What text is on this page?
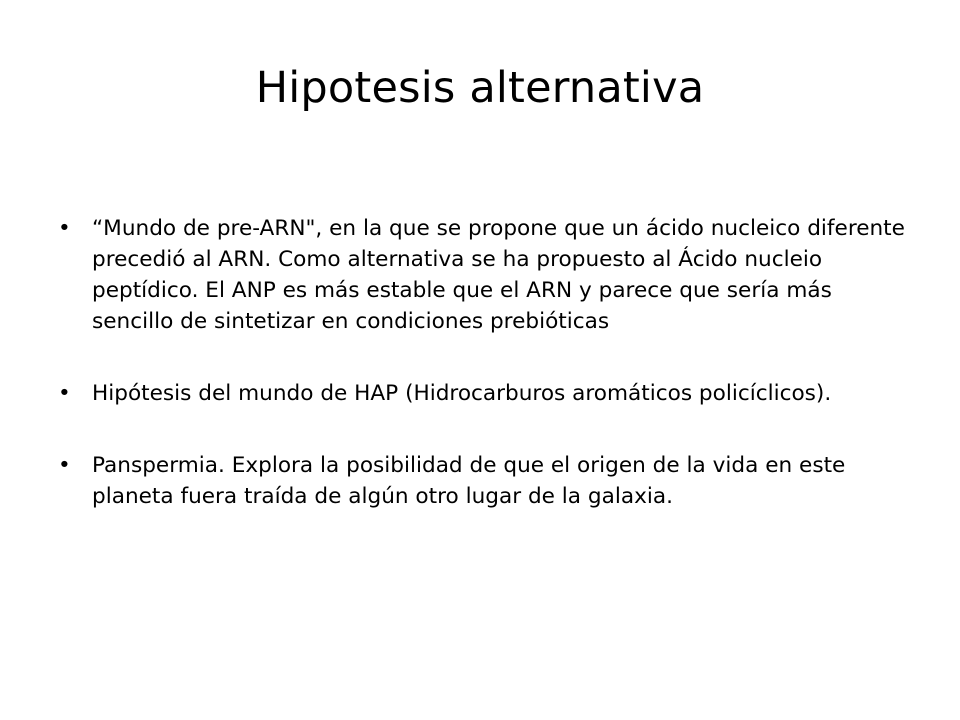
Hipotesis alternativa
• “Mundo de pre-ARN", en la que se propone que un ácido nucleico diferente precedió al ARN. Como alternativa se ha propuesto al Ácido nucleio peptídico. El ANP es más estable que el ARN y parece que sería más sencillo de sintetizar en condiciones prebióticas
• Hipótesis del mundo de HAP (Hidrocarburos aromáticos policíclicos).
• Panspermia. Explora la posibilidad de que el origen de la vida en este planeta fuera traída de algún otro lugar de la galaxia.
